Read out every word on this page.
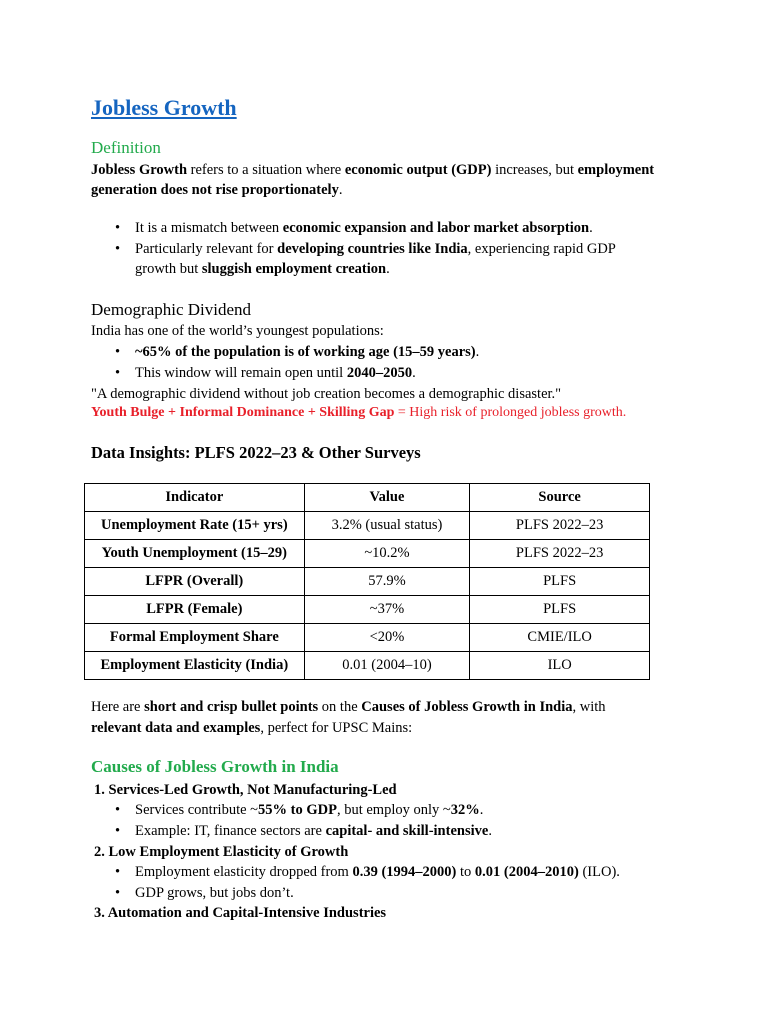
Jobless Growth
Definition

Jobless Growth refers to a situation where economic output (GDP) increases, but employment

generation does not rise proportionately.

• It is a mismatch between economic expansion and labor market absorption.
• Particularly relevant for developing countries like India, experiencing rapid GDP
growth but sluggish employment creation.
Demographic Dividend

India has one of the world’s youngest populations:

• ~65% of the population is of working age (15–59 years).
• This window will remain open until 2040–2050.

"A demographic dividend without job creation becomes a demographic disaster."

Youth Bulge + Informal Dominance + Skilling Gap = High risk of prolonged jobless growth.

Data Insights: PLFS 2022–23 & Other Surveys
Indicator	Value	Source
Unemployment Rate (15+ yrs)	3.2% (usual status)	PLFS 2022–23
Youth Unemployment (15–29)	~10.2%	PLFS 2022–23
LFPR (Overall)	57.9%	PLFS
LFPR (Female)	~37%	PLFS
Formal Employment Share	<20%	CMIE/ILO
Employment Elasticity (India)	0.01 (2004–10)	ILO

Here are short and crisp bullet points on the Causes of Jobless Growth in India, with

relevant data and examples, perfect for UPSC Mains:

Causes of Jobless Growth in India
1. Services-Led Growth, Not Manufacturing-Led
• Services contribute ~55% to GDP, but employ only ~32%.
• Example: IT, finance sectors are capital- and skill-intensive.
2. Low Employment Elasticity of Growth
• Employment elasticity dropped from 0.39 (1994–2000) to 0.01 (2004–2010) (ILO).
• GDP grows, but jobs don’t.
3. Automation and Capital-Intensive Industries
